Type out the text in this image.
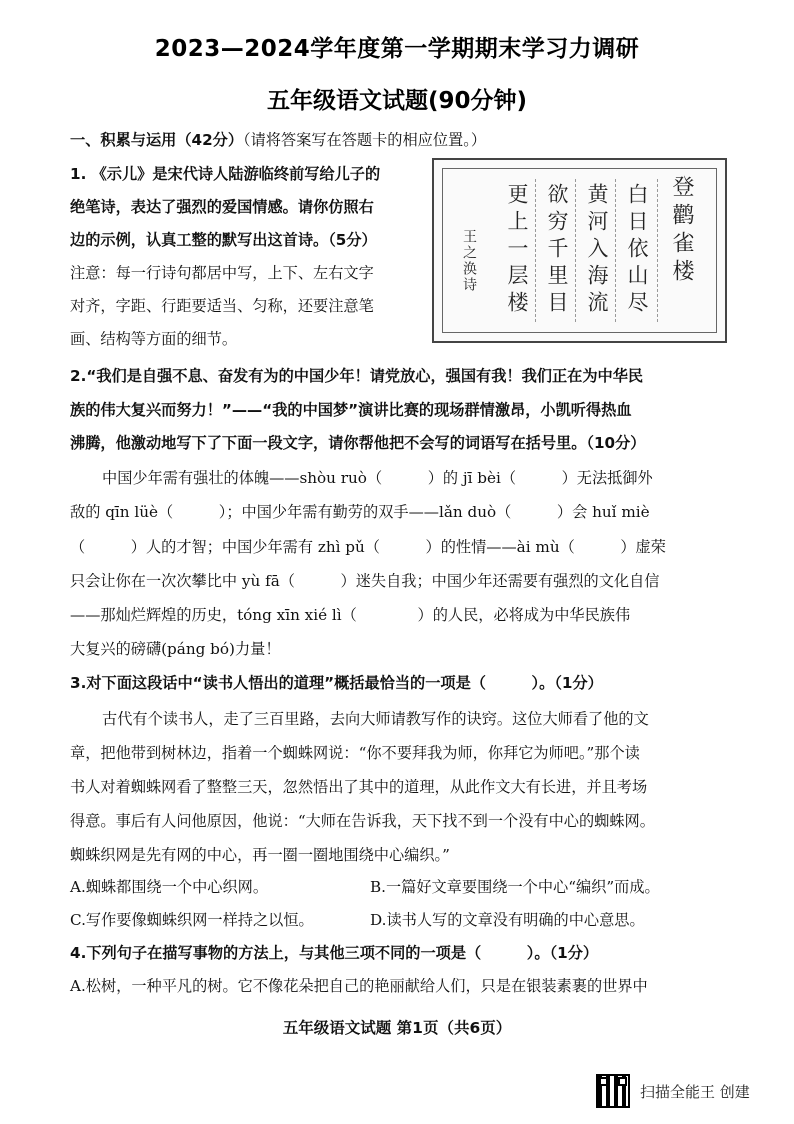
2023—2024学年度第一学期期末学习力调研
五年级语文试题(90分钟)
一、积累与运用（42分）（请将答案写在答题卡的相应位置。）
1. 《示儿》是宋代诗人陆游临终前写给儿子的
绝笔诗，表达了强烈的爱国情感。请你仿照右
边的示例，认真工整的默写出这首诗。（5分）
注意：每一行诗句都居中写，上下、左右文字
对齐，字距、行距要适当、匀称，还要注意笔
画、结构等方面的细节。
登鹳雀楼
白日依山尽
黄河入海流
欲穷千里目
更上一层楼
王之涣诗
2.“我们是自强不息、奋发有为的中国少年！请党放心，强国有我！我们正在为中华民
族的伟大复兴而努力！”——“我的中国梦”演讲比赛的现场群情激昂，小凯听得热血
沸腾，他激动地写下了下面一段文字，请你帮他把不会写的词语写在括号里。（10分）
中国少年需有强壮的体魄——shòu ruò（　　　）的 jī bèi（　　　）无法抵御外
敌的 qīn lüè（　　　）；中国少年需有勤劳的双手——lǎn duò（　　　）会 huǐ miè
（　　　）人的才智；中国少年需有 zhì pǔ（　　　）的性情——ài mù（　　　）虚荣
只会让你在一次次攀比中 yù fā（　　　）迷失自我；中国少年还需要有强烈的文化自信
——那灿烂辉煌的历史，tóng xīn xié lì（　　　　）的人民，必将成为中华民族伟
大复兴的磅礴(páng bó)力量！
3.对下面这段话中“读书人悟出的道理”概括最恰当的一项是（　　　）。（1分）
古代有个读书人，走了三百里路，去向大师请教写作的诀窍。这位大师看了他的文
章，把他带到树林边，指着一个蜘蛛网说：“你不要拜我为师，你拜它为师吧。”那个读
书人对着蜘蛛网看了整整三天，忽然悟出了其中的道理，从此作文大有长进，并且考场
得意。事后有人问他原因，他说：“大师在告诉我，天下找不到一个没有中心的蜘蛛网。
蜘蛛织网是先有网的中心，再一圈一圈地围绕中心编织。”
A.蜘蛛都围绕一个中心织网。	B.一篇好文章要围绕一个中心“编织”而成。
C.写作要像蜘蛛织网一样持之以恒。	D.读书人写的文章没有明确的中心意思。
4.下列句子在描写事物的方法上，与其他三项不同的一项是（　　　）。（1分）
A.松树，一种平凡的树。它不像花朵把自己的艳丽献给人们，只是在银装素裹的世界中
五年级语文试题 第1页（共6页）
扫描全能王 创建
